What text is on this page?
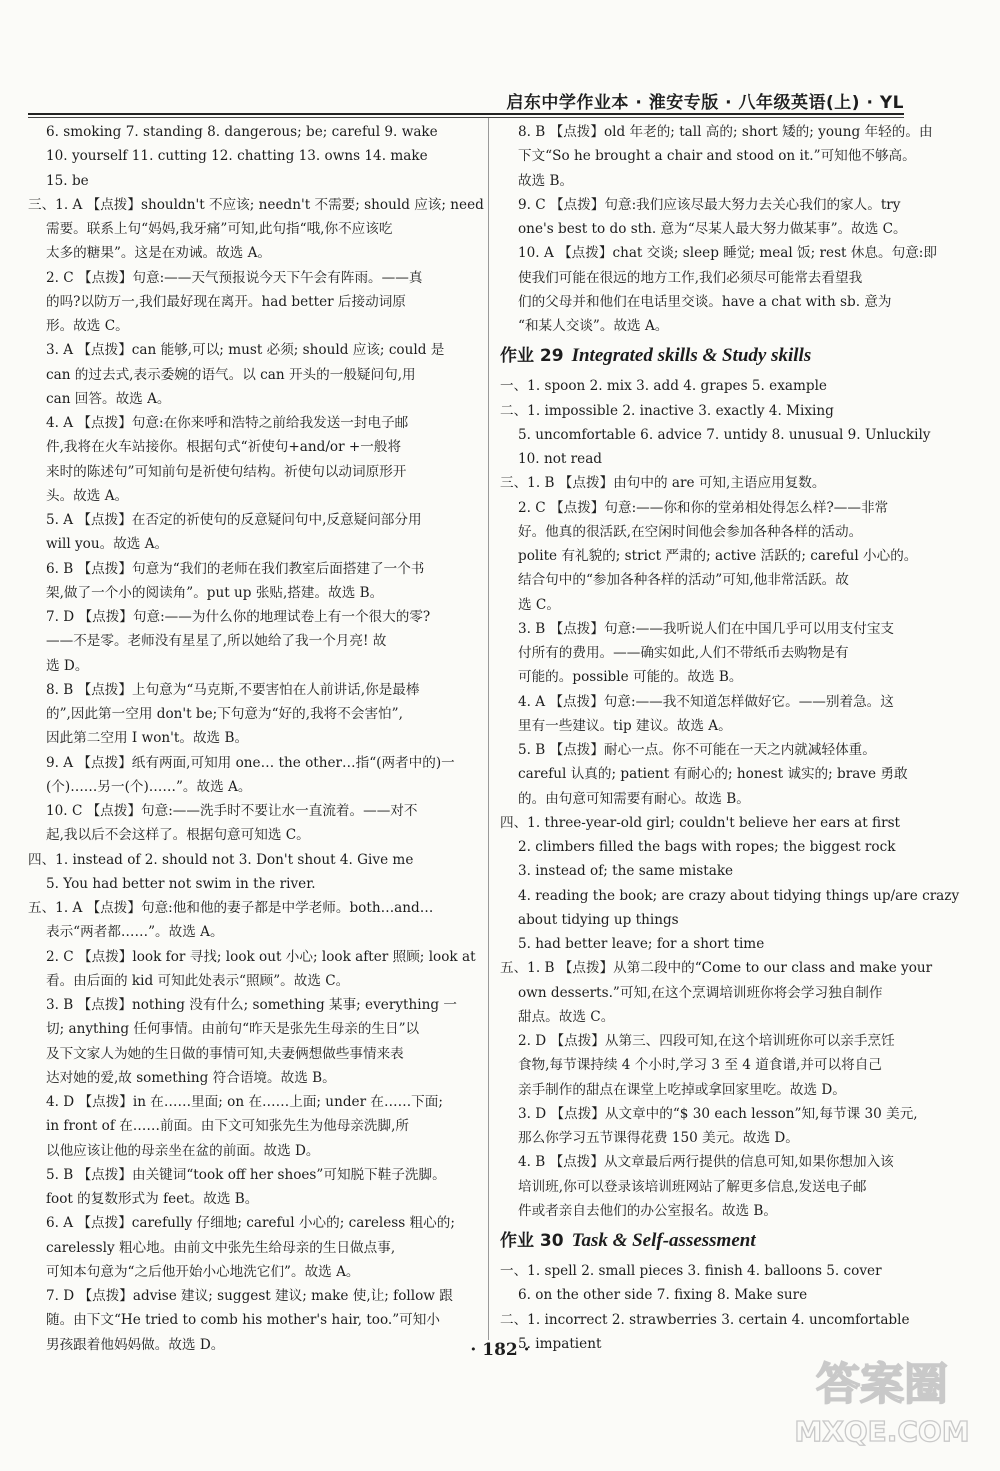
启东中学作业本 · 淮安专版 · 八年级英语(上) · YL
6. smoking 7. standing 8. dangerous; be; careful 9. wake
10. yourself 11. cutting 12. chatting 13. owns 14. make
15. be
三、1. A 【点拨】shouldn't 不应该; needn't 不需要; should 应该; need
需要。联系上句“妈妈,我牙痛”可知,此句指“哦,你不应该吃
太多的糖果”。这是在劝诫。故选 A。
2. C 【点拨】句意:——天气预报说今天下午会有阵雨。——真
的吗?以防万一,我们最好现在离开。had better 后接动词原
形。故选 C。
3. A 【点拨】can 能够,可以; must 必须; should 应该; could 是
can 的过去式,表示委婉的语气。以 can 开头的一般疑问句,用
can 回答。故选 A。
4. A 【点拨】句意:在你来呼和浩特之前给我发送一封电子邮
件,我将在火车站接你。根据句式“祈使句+and/or +一般将
来时的陈述句”可知前句是祈使句结构。祈使句以动词原形开
头。故选 A。
5. A 【点拨】在否定的祈使句的反意疑问句中,反意疑问部分用
will you。故选 A。
6. B 【点拨】句意为“我们的老师在我们教室后面搭建了一个书
架,做了一个小的阅读角”。put up 张贴,搭建。故选 B。
7. D 【点拨】句意:——为什么你的地理试卷上有一个很大的零?
——不是零。老师没有星星了,所以她给了我一个月亮! 故
选 D。
8. B 【点拨】上句意为“马克斯,不要害怕在人前讲话,你是最棒
的”,因此第一空用 don't be;下句意为“好的,我将不会害怕”,
因此第二空用 I won't。故选 B。
9. A 【点拨】纸有两面,可知用 one… the other…指“(两者中的)一
(个)……另一(个)……”。故选 A。
10. C 【点拨】句意:——洗手时不要让水一直流着。——对不
起,我以后不会这样了。根据句意可知选 C。
四、1. instead of 2. should not 3. Don't shout 4. Give me
5. You had better not swim in the river.
五、1. A 【点拨】句意:他和他的妻子都是中学老师。both…and…
表示“两者都……”。故选 A。
2. C 【点拨】look for 寻找; look out 小心; look after 照顾; look at
看。由后面的 kid 可知此处表示“照顾”。故选 C。
3. B 【点拨】nothing 没有什么; something 某事; everything 一
切; anything 任何事情。由前句“昨天是张先生母亲的生日”以
及下文家人为她的生日做的事情可知,夫妻俩想做些事情来表
达对她的爱,故 something 符合语境。故选 B。
4. D 【点拨】in 在……里面; on 在……上面; under 在……下面;
in front of 在……前面。由下文可知张先生为他母亲洗脚,所
以他应该让他的母亲坐在盆的前面。故选 D。
5. B 【点拨】由关键词“took off her shoes”可知脱下鞋子洗脚。
foot 的复数形式为 feet。故选 B。
6. A 【点拨】carefully 仔细地; careful 小心的; careless 粗心的;
carelessly 粗心地。由前文中张先生给母亲的生日做点事,
可知本句意为“之后他开始小心地洗它们”。故选 A。
7. D 【点拨】advise 建议; suggest 建议; make 使,让; follow 跟
随。由下文“He tried to comb his mother's hair, too.”可知小
男孩跟着他妈妈做。故选 D。
8. B 【点拨】old 年老的; tall 高的; short 矮的; young 年轻的。由
下文“So he brought a chair and stood on it.”可知他不够高。
故选 B。
9. C 【点拨】句意:我们应该尽最大努力去关心我们的家人。try
one's best to do sth. 意为“尽某人最大努力做某事”。故选 C。
10. A 【点拨】chat 交谈; sleep 睡觉; meal 饭; rest 休息。句意:即
使我们可能在很远的地方工作,我们必须尽可能常去看望我
们的父母并和他们在电话里交谈。have a chat with sb. 意为
“和某人交谈”。故选 A。
作业 29 Integrated skills & Study skills
一、1. spoon 2. mix 3. add 4. grapes 5. example
二、1. impossible 2. inactive 3. exactly 4. Mixing
5. uncomfortable 6. advice 7. untidy 8. unusual 9. Unluckily
10. not read
三、1. B 【点拨】由句中的 are 可知,主语应用复数。
2. C 【点拨】句意:——你和你的堂弟相处得怎么样?——非常
好。他真的很活跃,在空闲时间他会参加各种各样的活动。
polite 有礼貌的; strict 严肃的; active 活跃的; careful 小心的。
结合句中的“参加各种各样的活动”可知,他非常活跃。故
选 C。
3. B 【点拨】句意:——我听说人们在中国几乎可以用支付宝支
付所有的费用。——确实如此,人们不带纸币去购物是有
可能的。possible 可能的。故选 B。
4. A 【点拨】句意:——我不知道怎样做好它。——别着急。这
里有一些建议。tip 建议。故选 A。
5. B 【点拨】耐心一点。你不可能在一天之内就减轻体重。
careful 认真的; patient 有耐心的; honest 诚实的; brave 勇敢
的。由句意可知需要有耐心。故选 B。
四、1. three-year-old girl; couldn't believe her ears at first
2. climbers filled the bags with ropes; the biggest rock
3. instead of; the same mistake
4. reading the book; are crazy about tidying things up/are crazy
about tidying up things
5. had better leave; for a short time
五、1. B 【点拨】从第二段中的“Come to our class and make your
own desserts.”可知,在这个烹调培训班你将会学习独自制作
甜点。故选 C。
2. D 【点拨】从第三、四段可知,在这个培训班你可以亲手烹饪
食物,每节课持续 4 个小时,学习 3 至 4 道食谱,并可以将自己
亲手制作的甜点在课堂上吃掉或拿回家里吃。故选 D。
3. D 【点拨】从文章中的“$ 30 each lesson”知,每节课 30 美元,
那么你学习五节课得花费 150 美元。故选 D。
4. B 【点拨】从文章最后两行提供的信息可知,如果你想加入该
培训班,你可以登录该培训班网站了解更多信息,发送电子邮
件或者亲自去他们的办公室报名。故选 B。
作业 30 Task & Self-assessment
一、1. spell 2. small pieces 3. finish 4. balloons 5. cover
6. on the other side 7. fixing 8. Make sure
二、1. incorrect 2. strawberries 3. certain 4. uncomfortable
5. impatient
· 182 ·
答案圈
MXQE.COM
